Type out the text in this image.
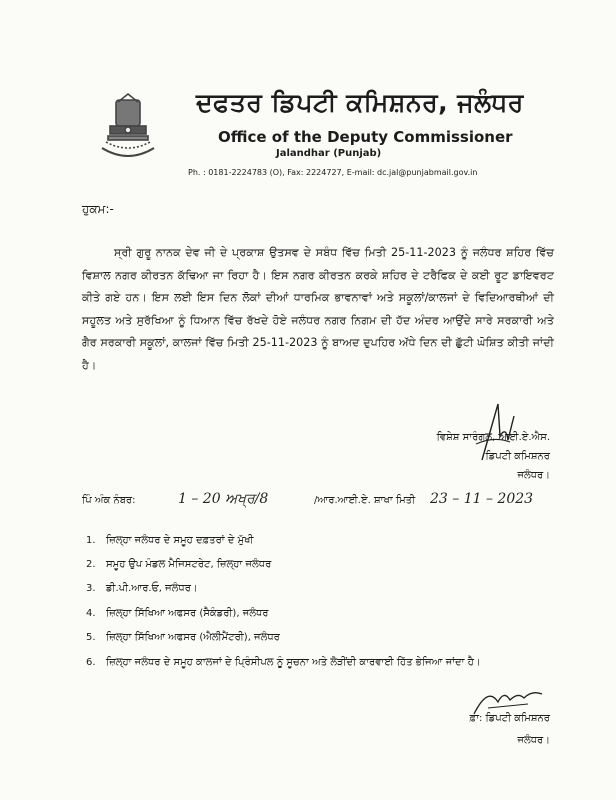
ਦਫਤਰ ਡਿਪਟੀ ਕਮਿਸ਼ਨਰ, ਜਲੰਧਰ
Office of the Deputy Commissioner
Jalandhar (Punjab)
Ph. : 0181-2224783 (O), Fax: 2224727, E-mail: dc.jal@punjabmail.gov.in
ਹੁਕਮ:-
ਸ੍ਰੀ ਗੁਰੂ ਨਾਨਕ ਦੇਵ ਜੀ ਦੇ ਪ੍ਰਕਾਸ਼ ਉਤਸਵ ਦੇ ਸਬੰਧ ਵਿੱਚ ਮਿਤੀ 25-11-2023 ਨੂੰ ਜਲੰਧਰ ਸ਼ਹਿਰ ਵਿੱਚ ਵਿਸ਼ਾਲ ਨਗਰ ਕੀਰਤਨ ਕੱਢਿਆ ਜਾ ਰਿਹਾ ਹੈ। ਇਸ ਨਗਰ ਕੀਰਤਨ ਕਰਕੇ ਸ਼ਹਿਰ ਦੇ ਟਰੈਫਿਕ ਦੇ ਕਈ ਰੂਟ ਡਾਇਵਰਟ ਕੀਤੇ ਗਏ ਹਨ। ਇਸ ਲਈ ਇਸ ਦਿਨ ਲੋਕਾਂ ਦੀਆਂ ਧਾਰਮਿਕ ਭਾਵਨਾਵਾਂ ਅਤੇ ਸਕੂਲਾਂ/ਕਾਲਜਾਂ ਦੇ ਵਿਦਿਆਰਥੀਆਂ ਦੀ ਸਹੂਲਤ ਅਤੇ ਸੁਰੱਖਿਆ ਨੂੰ ਧਿਆਨ ਵਿੱਚ ਰੱਖਦੇ ਹੋਏ ਜਲੰਧਰ ਨਗਰ ਨਿਗਮ ਦੀ ਹੱਦ ਅੰਦਰ ਆਉਂਦੇ ਸਾਰੇ ਸਰਕਾਰੀ ਅਤੇ ਗੈਰ ਸਰਕਾਰੀ ਸਕੂਲਾਂ, ਕਾਲਜਾਂ ਵਿੱਚ ਮਿਤੀ 25-11-2023 ਨੂੰ ਬਾਅਦ ਦੁਪਹਿਰ ਅੱਧੇ ਦਿਨ ਦੀ ਛੁੱਟੀ ਘੋਸ਼ਿਤ ਕੀਤੀ ਜਾਂਦੀ ਹੈ।
ਵਿਸ਼ੇਸ਼ ਸਾਰੰਗਲ, ਆਈ.ਏ.ਐਸ.
ਡਿਪਟੀ ਕਮਿਸ਼ਨਰ
ਜਲੰਧਰ।
ਪਿੰ ਅੰਕ ਨੰਬਰ:	1 – 20 ਅਖ੍ਰ/8	/ਆਰ.ਆਈ.ਏ. ਸ਼ਾਖਾ ਮਿਤੀ 23 – 11 – 2023
1.	ਜ਼ਿਲ੍ਹਾ ਜਲੰਧਰ ਦੇ ਸਮੂਹ ਦਫ਼ਤਰਾਂ ਦੇ ਮੁੱਖੀ
2.	ਸਮੂਹ ਉਪ ਮੰਡਲ ਮੈਜਿਸਟਰੇਟ, ਜ਼ਿਲ੍ਹਾ ਜਲੰਧਰ
3.	ਡੀ.ਪੀ.ਆਰ.ਓ, ਜਲੰਧਰ।
4.	ਜ਼ਿਲ੍ਹਾ ਸਿੱਖਿਆ ਅਫਸਰ (ਸੈਕੰਡਰੀ), ਜਲੰਧਰ
5.	ਜ਼ਿਲ੍ਹਾ ਸਿੱਖਿਆ ਅਫਸਰ (ਐਲੀਮੈਂਟਰੀ), ਜਲੰਧਰ
6.	ਜ਼ਿਲ੍ਹਾ ਜਲੰਧਰ ਦੇ ਸਮੂਹ ਕਾਲਜਾਂ ਦੇ ਪ੍ਰਿੰਸੀਪਲ ਨੂੰ ਸੂਚਨਾ ਅਤੇ ਲੋੜੀਂਦੀ ਕਾਰਵਾਈ ਹਿੱਤ ਭੇਜਿਆ ਜਾਂਦਾ ਹੈ।
ਫ਼ਾ: ਡਿਪਟੀ ਕਮਿਸ਼ਨਰ
ਜਲੰਧਰ।
